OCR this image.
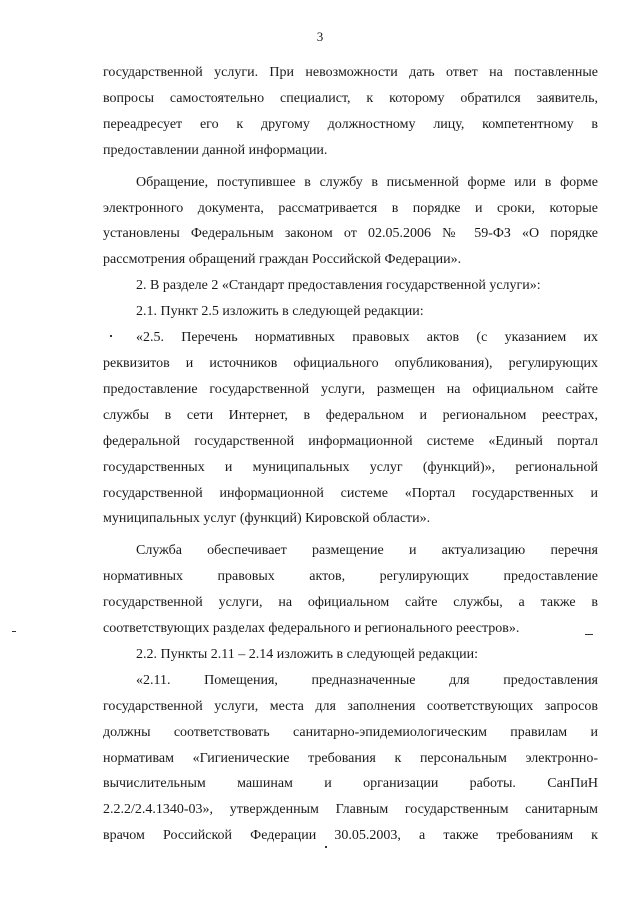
3
государственной услуги. При невозможности дать ответ на поставленные
вопросы самостоятельно специалист, к которому обратился заявитель,
переадресует его к другому должностному лицу, компетентному в
предоставлении данной информации.
Обращение, поступившее в службу в письменной форме или в форме
электронного документа, рассматривается в порядке и сроки, которые
установлены Федеральным законом от 02.05.2006 № 59-ФЗ «О порядке
рассмотрения обращений граждан Российской Федерации».
2. В разделе 2 «Стандарт предоставления государственной услуги»:
2.1. Пункт 2.5 изложить в следующей редакции:
«2.5. Перечень нормативных правовых актов (с указанием их
реквизитов и источников официального опубликования), регулирующих
предоставление государственной услуги, размещен на официальном сайте
службы в сети Интернет, в федеральном и региональном реестрах,
федеральной государственной информационной системе «Единый портал
государственных и муниципальных услуг (функций)», региональной
государственной информационной системе «Портал государственных и
муниципальных услуг (функций) Кировской области».
Служба обеспечивает размещение и актуализацию перечня
нормативных правовых актов, регулирующих предоставление
государственной услуги, на официальном сайте службы, а также в
соответствующих разделах федерального и регионального реестров».
2.2. Пункты 2.11 – 2.14 изложить в следующей редакции:
«2.11. Помещения, предназначенные для предоставления
государственной услуги, места для заполнения соответствующих запросов
должны соответствовать санитарно-эпидемиологическим правилам и
нормативам «Гигиенические требования к персональным электронно-
вычислительным машинам и организации работы. СанПиН
2.2.2/2.4.1340-03», утвержденным Главным государственным санитарным
врачом Российской Федерации 30.05.2003, а также требованиям к
